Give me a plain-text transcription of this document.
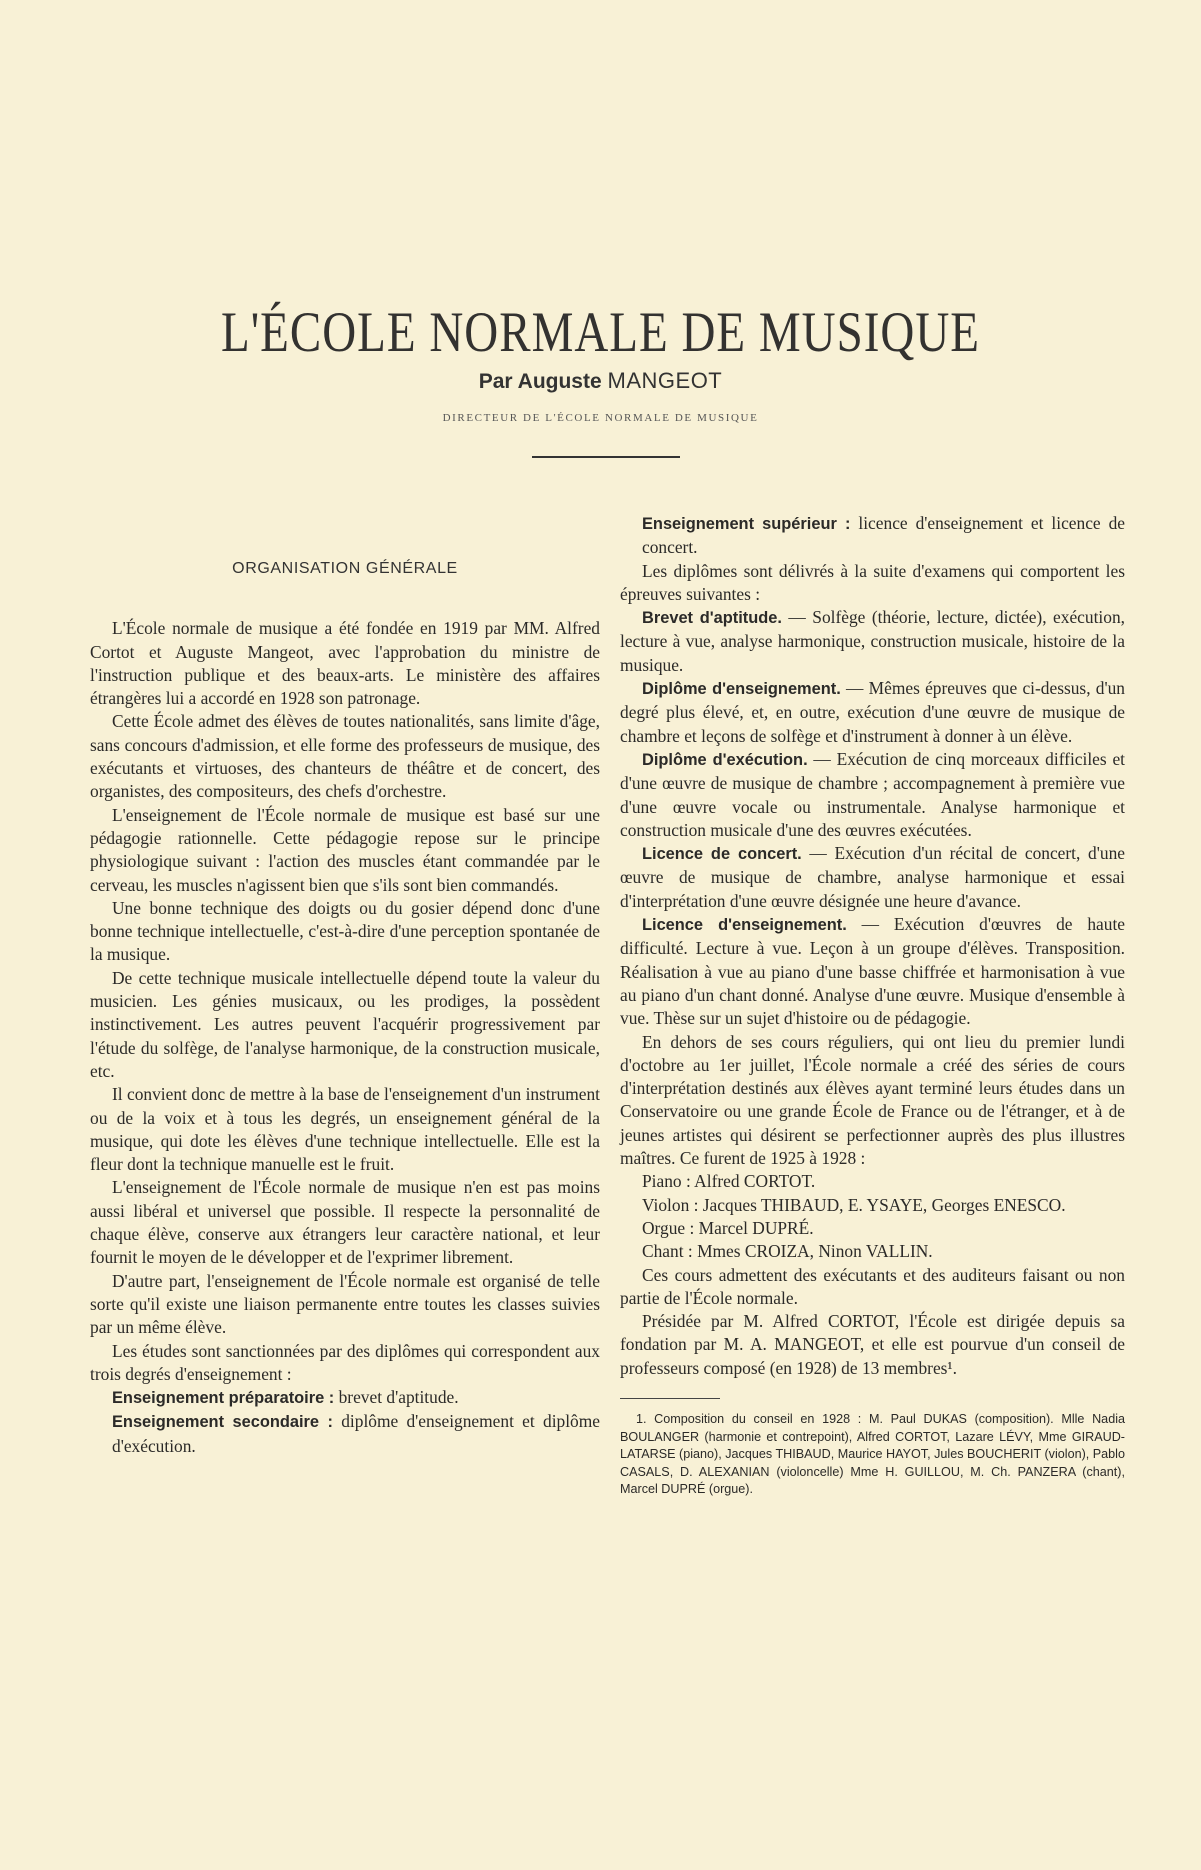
L'ÉCOLE NORMALE DE MUSIQUE
Par Auguste MANGEOT
DIRECTEUR DE L'ÉCOLE NORMALE DE MUSIQUE
ORGANISATION GÉNÉRALE

L'École normale de musique a été fondée en 1919 par MM. Alfred Cortot et Auguste Mangeot, avec l'approbation du ministre de l'instruction publique et des beaux-arts. Le ministère des affaires étrangères lui a accordé en 1928 son patronage.

Cette École admet des élèves de toutes nationalités, sans limite d'âge, sans concours d'admission, et elle forme des professeurs de musique, des exécutants et virtuoses, des chanteurs de théâtre et de concert, des organistes, des compositeurs, des chefs d'orchestre.

L'enseignement de l'École normale de musique est basé sur une pédagogie rationnelle. Cette pédagogie repose sur le principe physiologique suivant : l'action des muscles étant commandée par le cerveau, les muscles n'agissent bien que s'ils sont bien commandés.

Une bonne technique des doigts ou du gosier dépend donc d'une bonne technique intellectuelle, c'est-à-dire d'une perception spontanée de la musique.

De cette technique musicale intellectuelle dépend toute la valeur du musicien. Les génies musicaux, ou les prodiges, la possèdent instinctivement. Les autres peuvent l'acquérir progressivement par l'étude du solfège, de l'analyse harmonique, de la construction musicale, etc.

Il convient donc de mettre à la base de l'enseignement d'un instrument ou de la voix et à tous les degrés, un enseignement général de la musique, qui dote les élèves d'une technique intellectuelle. Elle est la fleur dont la technique manuelle est le fruit.

L'enseignement de l'École normale de musique n'en est pas moins aussi libéral et universel que possible. Il respecte la personnalité de chaque élève, conserve aux étrangers leur caractère national, et leur fournit le moyen de le développer et de l'exprimer librement.

D'autre part, l'enseignement de l'École normale est organisé de telle sorte qu'il existe une liaison permanente entre toutes les classes suivies par un même élève.

Les études sont sanctionnées par des diplômes qui correspondent aux trois degrés d'enseignement :

Enseignement préparatoire : brevet d'aptitude.

Enseignement secondaire : diplôme d'enseignement et diplôme d'exécution.

Enseignement supérieur : licence d'enseignement et licence de concert.

Les diplômes sont délivrés à la suite d'examens qui comportent les épreuves suivantes :

Brevet d'aptitude. — Solfège (théorie, lecture, dictée), exécution, lecture à vue, analyse harmonique, construction musicale, histoire de la musique.

Diplôme d'enseignement. — Mêmes épreuves que ci-dessus, d'un degré plus élevé, et, en outre, exécution d'une œuvre de musique de chambre et leçons de solfège et d'instrument à donner à un élève.

Diplôme d'exécution. — Exécution de cinq morceaux difficiles et d'une œuvre de musique de chambre ; accompagnement à première vue d'une œuvre vocale ou instrumentale. Analyse harmonique et construction musicale d'une des œuvres exécutées.

Licence de concert. — Exécution d'un récital de concert, d'une œuvre de musique de chambre, analyse harmonique et essai d'interprétation d'une œuvre désignée une heure d'avance.

Licence d'enseignement. — Exécution d'œuvres de haute difficulté. Lecture à vue. Leçon à un groupe d'élèves. Transposition. Réalisation à vue au piano d'une basse chiffrée et harmonisation à vue au piano d'un chant donné. Analyse d'une œuvre. Musique d'ensemble à vue. Thèse sur un sujet d'histoire ou de pédagogie.

En dehors de ses cours réguliers, qui ont lieu du premier lundi d'octobre au 1er juillet, l'École normale a créé des séries de cours d'interprétation destinés aux élèves ayant terminé leurs études dans un Conservatoire ou une grande École de France ou de l'étranger, et à de jeunes artistes qui désirent se perfectionner auprès des plus illustres maîtres. Ce furent de 1925 à 1928 :

Piano : Alfred CORTOT.

Violon : Jacques THIBAUD, E. YSAYE, Georges ENESCO.

Orgue : Marcel DUPRÉ.

Chant : Mmes CROIZA, Ninon VALLIN.

Ces cours admettent des exécutants et des auditeurs faisant ou non partie de l'École normale.

Présidée par M. Alfred CORTOT, l'École est dirigée depuis sa fondation par M. A. MANGEOT, et elle est pourvue d'un conseil de professeurs composé (en 1928) de 13 membres¹.

1. Composition du conseil en 1928 : M. Paul DUKAS (composition). Mlle Nadia BOULANGER (harmonie et contrepoint), Alfred CORTOT, Lazare LÉVY, Mme GIRAUD-LATARSE (piano), Jacques THIBAUD, Maurice HAYOT, Jules BOUCHERIT (violon), Pablo CASALS, D. ALEXANIAN (violoncelle) Mme H. GUILLOU, M. Ch. PANZERA (chant), Marcel DUPRÉ (orgue).
